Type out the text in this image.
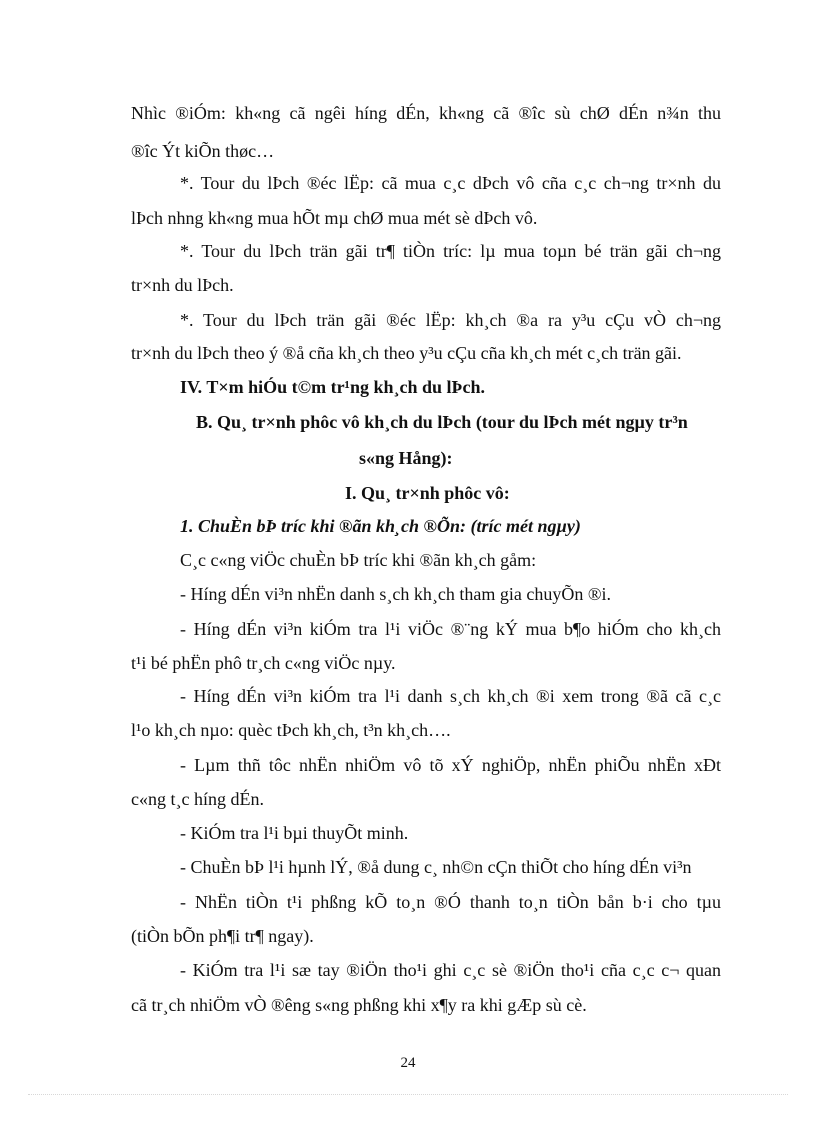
Nhìc ®iÓm: kh«ng cã ngêi híng dÉn, kh«ng cã ®îc sù chØ dÉn n¾n thu
®îc Ýt kiÕn thøc…
*. Tour du lÞch ®éc lËp: cã mua c¸c dÞch vô cña c¸c ch¬ng tr×nh du
lÞch nhng kh«ng mua hÕt mµ chØ mua mét sè dÞch vô.
*. Tour du lÞch trän gãi tr¶ tiÒn tríc: lµ mua toµn bé trän gãi ch¬ng
tr×nh du lÞch.
*. Tour du lÞch trän gãi ®éc lËp: kh¸ch ®a ra y³u cÇu vÒ ch¬ng
tr×nh du lÞch theo ý ®å cña kh¸ch theo y³u cÇu cña kh¸ch mét c¸ch trän gãi.
IV. T×m hiÓu t©m tr¹ng kh¸ch du lÞch.
B. Qu¸ tr×nh phôc vô kh¸ch du lÞch (tour du lÞch mét ngµy tr³n
s«ng Hång):
I. Qu¸ tr×nh phôc vô:
1. ChuÈn bÞ tríc khi ®ãn kh¸ch ®Õn: (tríc mét ngµy)
C¸c c«ng viÖc chuÈn bÞ tríc khi ®ãn kh¸ch gåm:
- Híng dÉn vi³n nhËn danh s¸ch kh¸ch tham gia chuyÕn ®i.
- Híng dÉn vi³n kiÓm tra l¹i viÖc ®¨ng kÝ mua b¶o hiÓm cho kh¸ch
t¹i bé phËn phô tr¸ch c«ng viÖc nµy.
- Híng dÉn vi³n kiÓm tra l¹i danh s¸ch kh¸ch ®i xem trong ®ã cã c¸c
l¹o kh¸ch nµo: quèc tÞch kh¸ch, t³n kh¸ch….
- Lµm thñ tôc nhËn nhiÖm vô tõ xÝ nghiÖp, nhËn phiÕu nhËn xÐt
c«ng t¸c híng dÉn.
- KiÓm tra l¹i bµi thuyÕt minh.
- ChuÈn bÞ l¹i hµnh lÝ, ®å dung c¸ nh©n cÇn thiÕt cho híng dÉn vi³n
- NhËn tiÒn t¹i phßng kÕ to¸n ®Ó thanh to¸n tiÒn bån b·i cho tµu
(tiÒn bÕn ph¶i tr¶ ngay).
- KiÓm tra l¹i sæ tay ®iÖn tho¹i ghi c¸c sè ®iÖn tho¹i cña c¸c c¬ quan
cã tr¸ch nhiÖm vÒ ®êng s«ng phßng khi x¶y ra khi gÆp sù cè.
24
